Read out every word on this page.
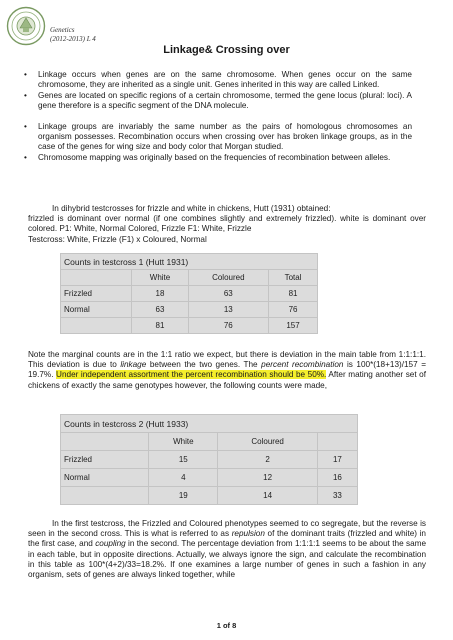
Genetics
(2012-2013) L 4
Linkage& Crossing over
• Linkage occurs when genes are on the same chromosome. When genes occur on the same chromosome, they are inherited as a single unit. Genes inherited in this way are called Linked.
• Genes are located on specific regions of a certain chromosome, termed the gene locus (plural: loci). A gene therefore is a specific segment of the DNA molecule.
• Linkage groups are invariably the same number as the pairs of homologous chromosomes an organism possesses. Recombination occurs when crossing over has broken linkage groups, as in the case of the genes for wing size and body color that Morgan studied.
• Chromosome mapping was originally based on the frequencies of recombination between alleles.
In dihybrid testcrosses for frizzle and white in chickens, Hutt (1931) obtained:
frizzled is dominant over normal (if one combines slightly and extremely frizzled). white is dominant over colored. P1: White, Normal Colored, Frizzle F1: White, Frizzle
Testcross: White, Frizzle (F1) x Coloured, Normal
Counts in testcross 1 (Hutt 1931)			
	White	Coloured	Total
Frizzled	18	63	81
Normal	63	13	76
	81	76	157
Note the marginal counts are in the 1:1 ratio we expect, but there is deviation in the main table from 1:1:1:1. This deviation is due to linkage between the two genes. The percent recombination is 100*(18+13)/157 = 19.7%. Under independent assortment the percent recombination should be 50%. After mating another set of chickens of exactly the same genotypes however, the following counts were made,
Counts in testcross 2 (Hutt 1933)			
	White	Coloured	
Frizzled	15	2	17
Normal	4	12	16
	19	14	33
In the first testcross, the Frizzled and Coloured phenotypes seemed to co segregate, but the reverse is seen in the second cross. This is what is referred to as repulsion of the dominant traits (frizzled and white) in the first case, and coupling in the second. The percentage deviation from 1:1:1:1 seems to be about the same in each table, but in opposite directions. Actually, we always ignore the sign, and calculate the recombination in this table as 100*(4+2)/33=18.2%. If one examines a large number of genes in such a fashion in any organism, sets of genes are always linked together, while
1 of 8
